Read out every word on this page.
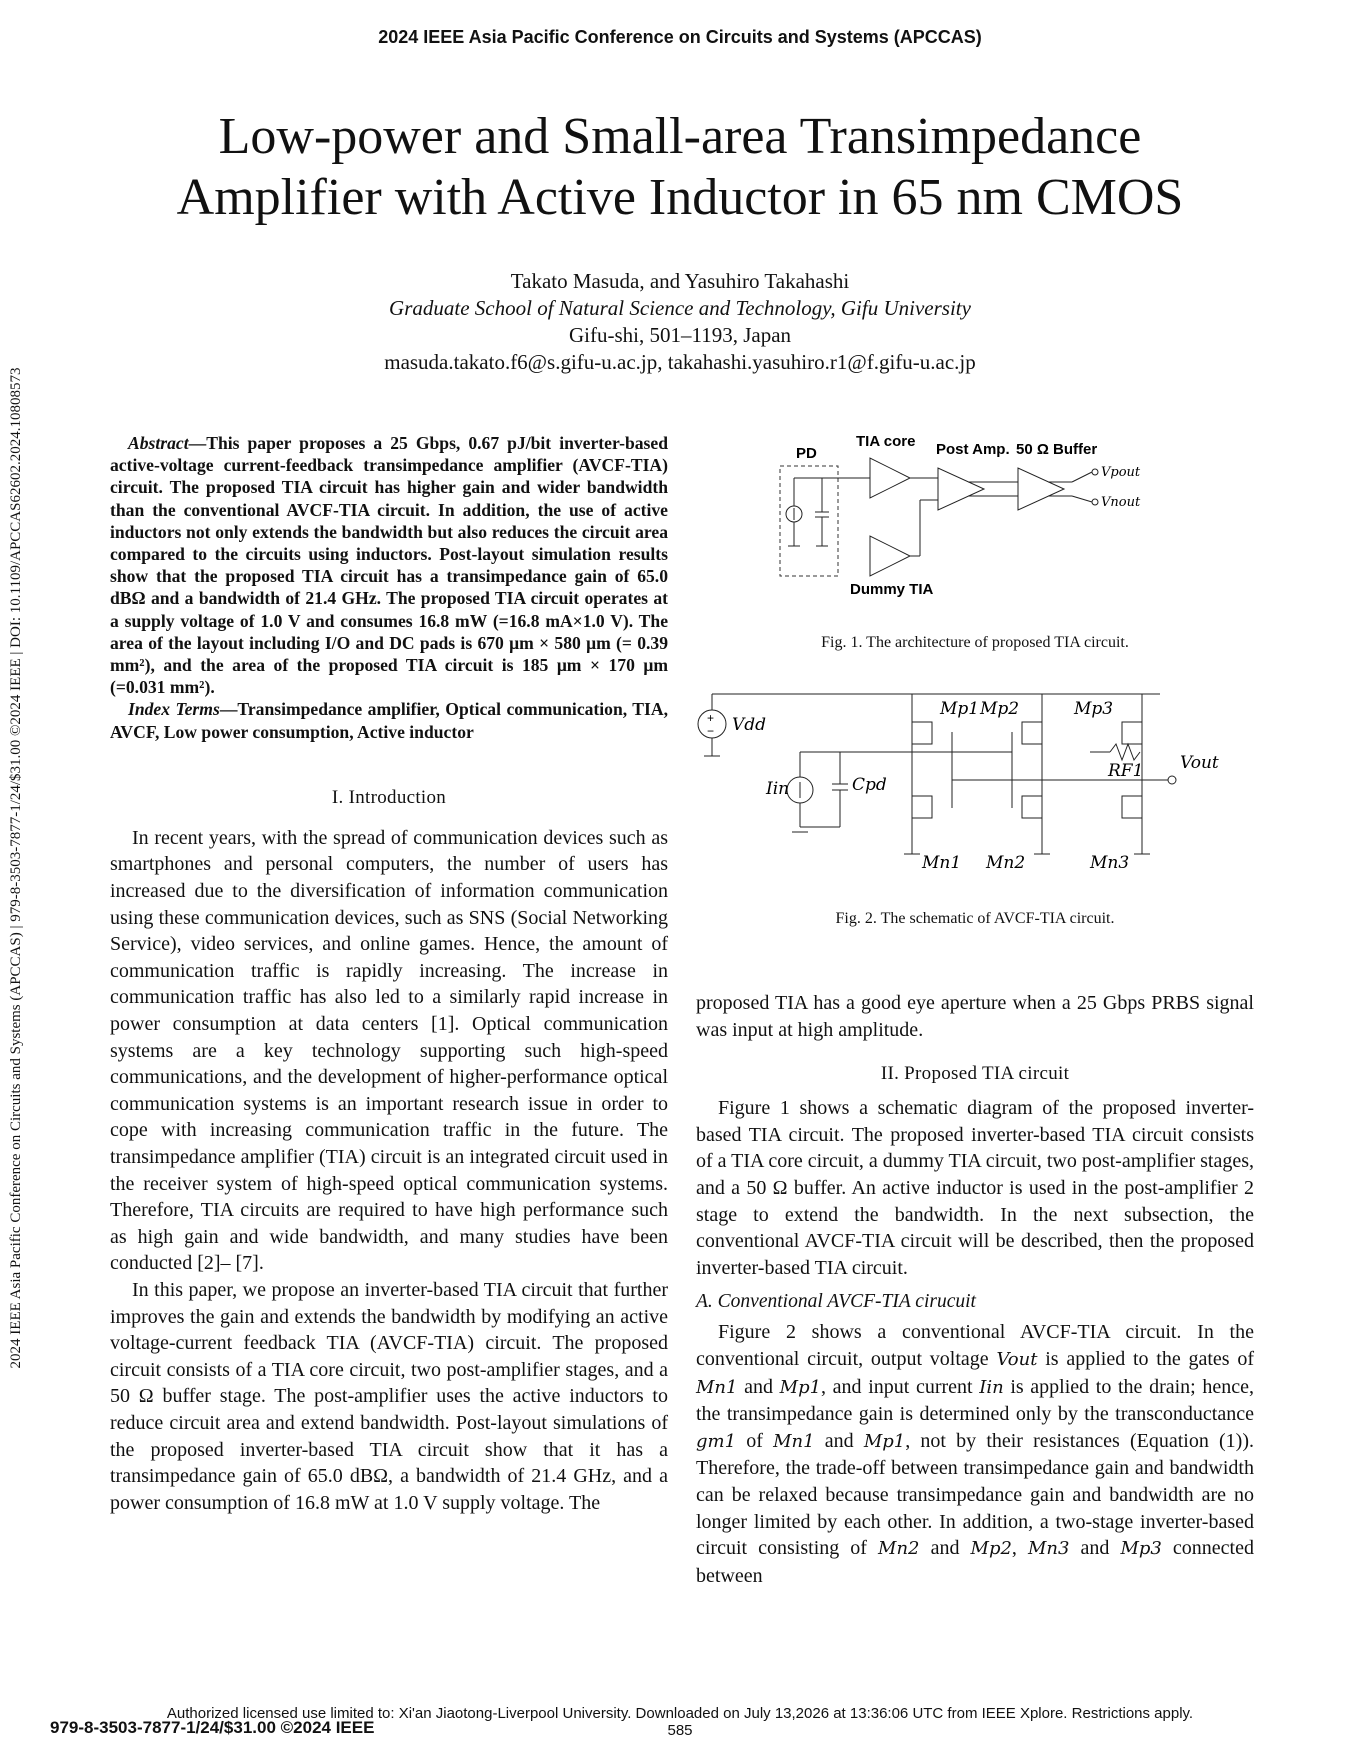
2024 IEEE Asia Pacific Conference on Circuits and Systems (APCCAS)
Low-power and Small-area Transimpedance
Amplifier with Active Inductor in 65 nm CMOS
Takato Masuda, and Yasuhiro Takahashi
Graduate School of Natural Science and Technology, Gifu University
Gifu-shi, 501–1193, Japan
masuda.takato.f6@s.gifu-u.ac.jp, takahashi.yasuhiro.r1@f.gifu-u.ac.jp
2024 IEEE Asia Pacific Conference on Circuits and Systems (APCCAS) | 979-8-3503-7877-1/24/$31.00 ©2024 IEEE | DOI: 10.1109/APCCAS62602.2024.10808573	Abstract—This paper proposes a 25 Gbps, 0.67 pJ/bit inverter-based active-voltage current-feedback transimpedance amplifier (AVCF-TIA) circuit. The proposed TIA circuit has higher gain and wider bandwidth than the conventional AVCF-TIA circuit. In addition, the use of active inductors not only extends the bandwidth but also reduces the circuit area compared to the circuits using inductors. Post-layout simulation results show that the proposed TIA circuit has a transimpedance gain of 65.0 dBΩ and a bandwidth of 21.4 GHz. The proposed TIA circuit operates at a supply voltage of 1.0 V and consumes 16.8 mW (=16.8 mA×1.0 V). The area of the layout including I/O and DC pads is 670 μm × 580 μm (= 0.39 mm²), and the area of the proposed TIA circuit is 185 μm × 170 μm (=0.031 mm²).

Index Terms—Transimpedance amplifier, Optical communication, TIA, AVCF, Low power consumption, Active inductor

I. Introduction

In recent years, with the spread of communication devices such as smartphones and personal computers, the number of users has increased due to the diversification of information communication using these communication devices, such as SNS (Social Networking Service), video services, and online games. Hence, the amount of communication traffic is rapidly increasing. The increase in communication traffic has also led to a similarly rapid increase in power consumption at data centers [1]. Optical communication systems are a key technology supporting such high-speed communications, and the development of higher-performance optical communication systems is an important research issue in order to cope with increasing communication traffic in the future. The transimpedance amplifier (TIA) circuit is an integrated circuit used in the receiver system of high-speed optical communication systems. Therefore, TIA circuits are required to have high performance such as high gain and wide bandwidth, and many studies have been conducted [2]– [7].

In this paper, we propose an inverter-based TIA circuit that further improves the gain and extends the bandwidth by modifying an active voltage-current feedback TIA (AVCF-TIA) circuit. The proposed circuit consists of a TIA core circuit, two post-amplifier stages, and a 50 Ω buffer stage. The post-amplifier uses the active inductors to reduce circuit area and extend bandwidth. Post-layout simulations of the proposed inverter-based TIA circuit show that it has a transimpedance gain of 65.0 dBΩ, a bandwidth of 21.4 GHz, and a power consumption of 16.8 mW at 1.0 V supply voltage. The

PD
TIA core Post Amp. 50 Ω Buffer
Dummy TIA
Vpout
Vnout
Fig. 1. The architecture of proposed TIA circuit.
+
− Vdd
Iin	Cpd
Mp1
Mn1
Mp2
Mn2
Mp3
Mn3
RF1 Vout
Fig. 2. The schematic of AVCF-TIA circuit.

proposed TIA has a good eye aperture when a 25 Gbps PRBS signal was input at high amplitude.

II. Proposed TIA circuit

Figure 1 shows a schematic diagram of the proposed inverter-based TIA circuit. The proposed inverter-based TIA circuit consists of a TIA core circuit, a dummy TIA circuit, two post-amplifier stages, and a 50 Ω buffer. An active inductor is used in the post-amplifier 2 stage to extend the bandwidth. In the next subsection, the conventional AVCF-TIA circuit will be described, then the proposed inverter-based TIA circuit.

A. Conventional AVCF-TIA cirucuit

Figure 2 shows a conventional AVCF-TIA circuit. In the conventional circuit, output voltage Vout is applied to the gates of Mn1 and Mp1, and input current Iin is applied to the drain; hence, the transimpedance gain is determined only by the transconductance gm1 of Mn1 and Mp1, not by their resistances (Equation (1)). Therefore, the trade-off between transimpedance gain and bandwidth can be relaxed because transimpedance gain and bandwidth are no longer limited by each other. In addition, a two-stage inverter-based circuit consisting of Mn2 and Mp2, Mn3 and Mp3 connected between

Authorized licensed use limited to: Xi'an Jiaotong-Liverpool University. Downloaded on July 13,2026 at 13:36:06 UTC from IEEE Xplore. Restrictions apply.
979-8-3503-7877-1/24/$31.00 ©2024 IEEE	585
